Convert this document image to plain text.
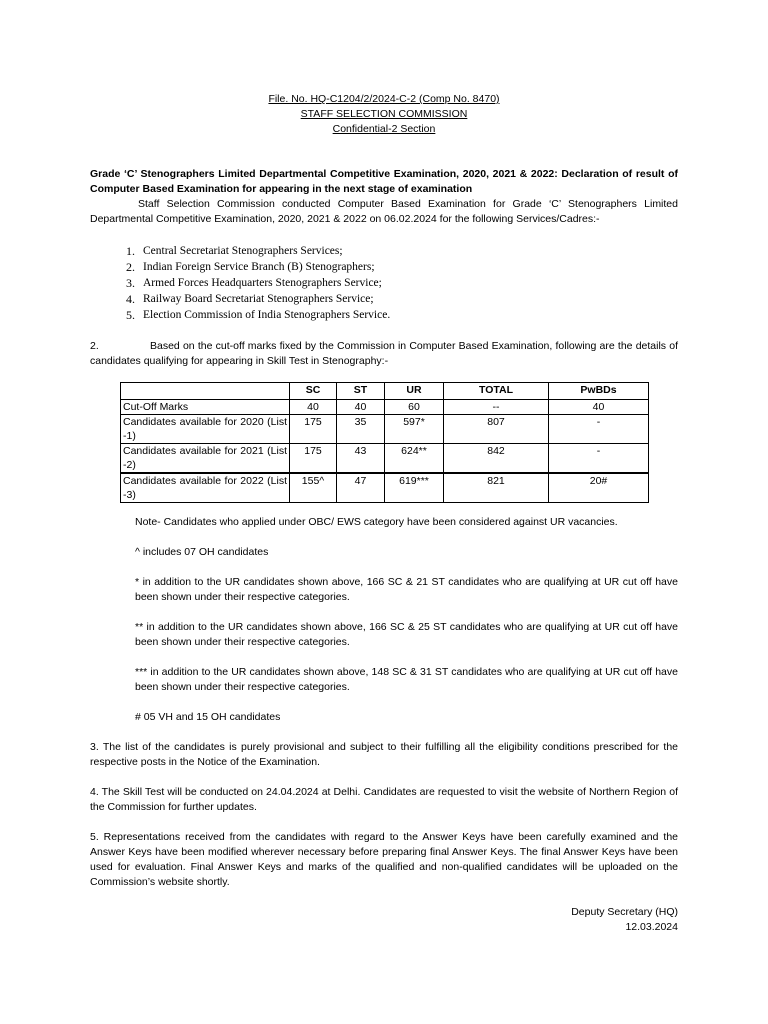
File. No. HQ-C1204/2/2024-C-2 (Comp No. 8470)
STAFF SELECTION COMMISSION
Confidential-2 Section
Grade ‘C’ Stenographers Limited Departmental Competitive Examination, 2020, 2021 & 2022: Declaration of result of Computer Based Examination for appearing in the next stage of examination
Staff Selection Commission conducted Computer Based Examination for Grade ‘C’ Stenographers Limited Departmental Competitive Examination, 2020, 2021 & 2022 on 06.02.2024 for the following Services/Cadres:-
1. Central Secretariat Stenographers Services;
2. Indian Foreign Service Branch (B) Stenographers;
3. Armed Forces Headquarters Stenographers Service;
4. Railway Board Secretariat Stenographers Service;
5. Election Commission of India Stenographers Service.
2.	Based on the cut-off marks fixed by the Commission in Computer Based Examination, following are the details of candidates qualifying for appearing in Skill Test in Stenography:-
	SC	ST	UR	TOTAL	PwBDs
Cut-Off Marks	40	40	60	--	40
Candidates available for 2020 (List -1)	175	35	597*	807	-
Candidates available for 2021 (List -2)	175	43	624**	842	-
Candidates available for 2022 (List -3)	155^	47	619***	821	20#

Note- Candidates who applied under OBC/ EWS category have been considered against UR vacancies.

^ includes 07 OH candidates

* in addition to the UR candidates shown above, 166 SC & 21 ST candidates who are qualifying at UR cut off have been shown under their respective categories.

** in addition to the UR candidates shown above, 166 SC & 25 ST candidates who are qualifying at UR cut off have been shown under their respective categories.

*** in addition to the UR candidates shown above, 148 SC & 31 ST candidates who are qualifying at UR cut off have been shown under their respective categories.

# 05 VH and 15 OH candidates

3. The list of the candidates is purely provisional and subject to their fulfilling all the eligibility conditions prescribed for the respective posts in the Notice of the Examination.

4. The Skill Test will be conducted on 24.04.2024 at Delhi. Candidates are requested to visit the website of Northern Region of the Commission for further updates.

5. Representations received from the candidates with regard to the Answer Keys have been carefully examined and the Answer Keys have been modified wherever necessary before preparing final Answer Keys. The final Answer Keys have been used for evaluation. Final Answer Keys and marks of the qualified and non-qualified candidates will be uploaded on the Commission’s website shortly.

Deputy Secretary (HQ)
12.03.2024
